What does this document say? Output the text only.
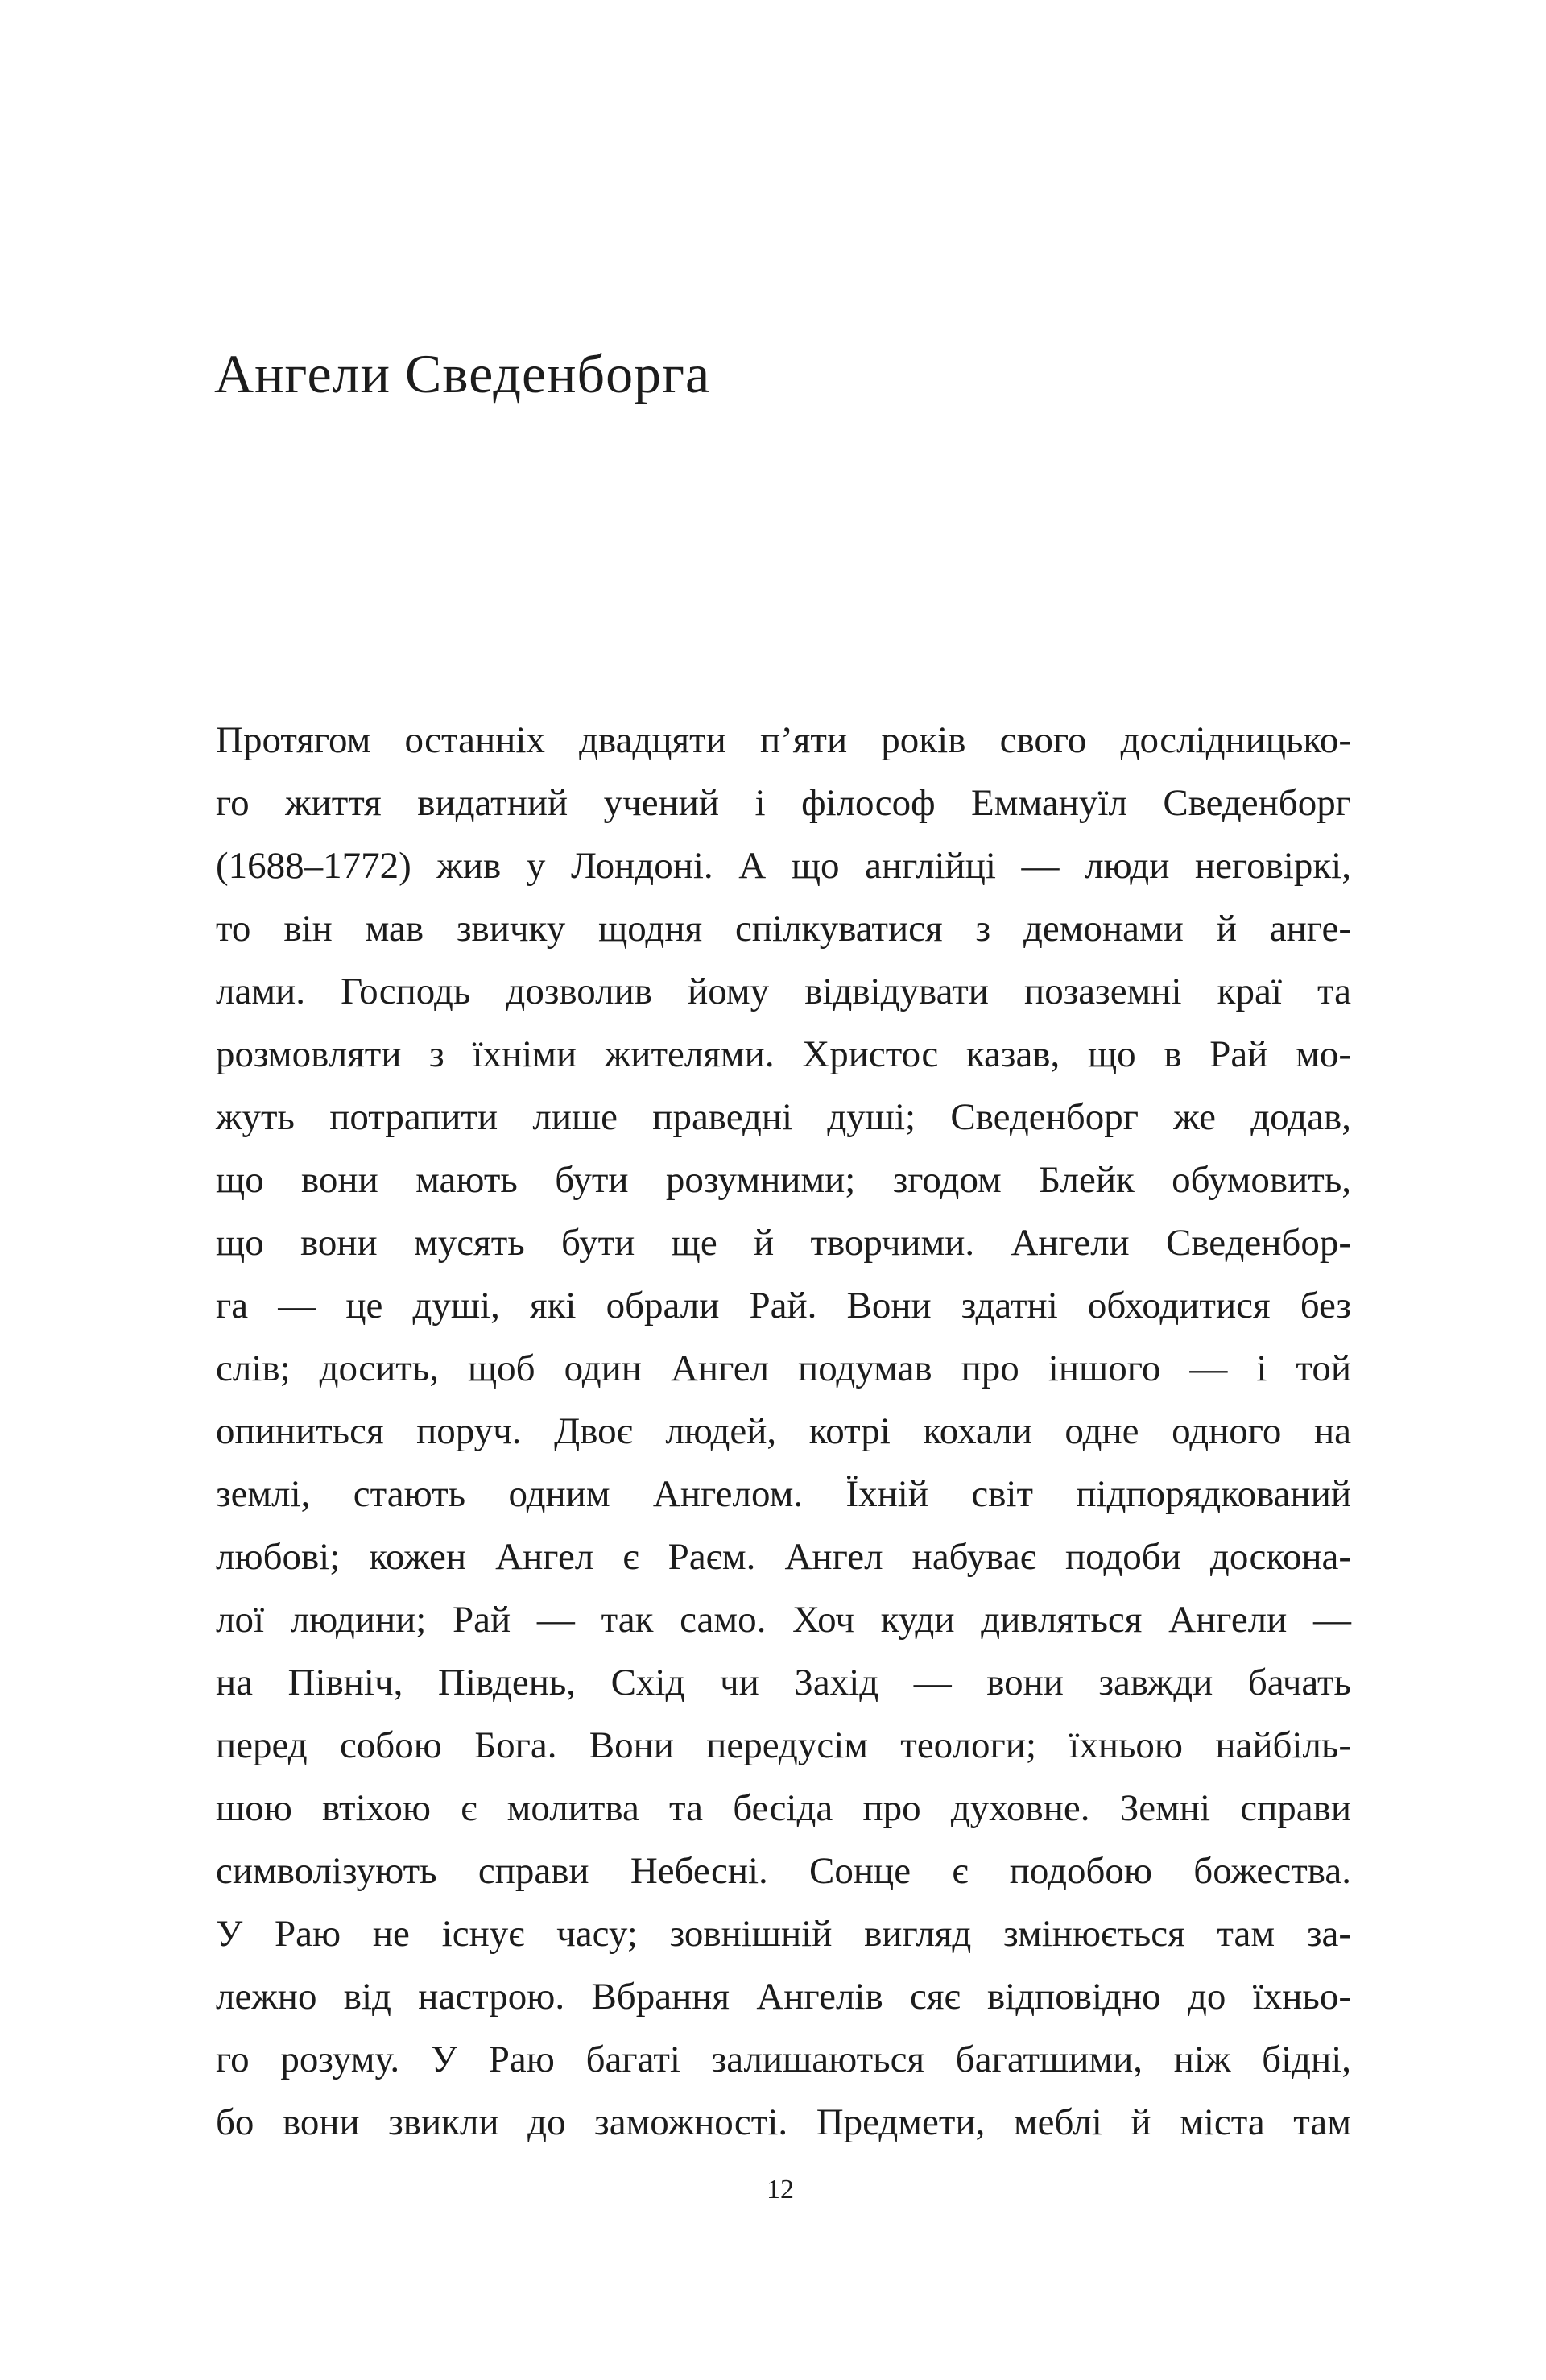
Ангели Сведенборга
Протягом останніх двадцяти п’яти років свого дослідницько-
го життя видатний учений і філософ Еммануїл Сведенборг
(1688–1772) жив у Лондоні. А що англійці — люди неговіркі,
то він мав звичку щодня спілкуватися з демонами й анге-
лами. Господь дозволив йому відвідувати позаземні краї та
розмовляти з їхніми жителями. Христос казав, що в Рай мо-
жуть потрапити лише праведні душі; Сведенборг же додав,
що вони мають бути розумними; згодом Блейк обумовить,
що вони мусять бути ще й творчими. Ангели Сведенбор-
га — це душі, які обрали Рай. Вони здатні обходитися без
слів; досить, щоб один Ангел подумав про іншого — і той
опиниться поруч. Двоє людей, котрі кохали одне одного на
землі, стають одним Ангелом. Їхній світ підпорядкований
любові; кожен Ангел є Раєм. Ангел набуває подоби доскона-
лої людини; Рай — так само. Хоч куди дивляться Ангели —
на Північ, Південь, Схід чи Захід — вони завжди бачать
перед собою Бога. Вони передусім теологи; їхньою найбіль-
шою втіхою є молитва та бесіда про духовне. Земні справи
символізують справи Небесні. Сонце є подобою божества.
У Раю не існує часу; зовнішній вигляд змінюється там за-
лежно від настрою. Вбрання Ангелів сяє відповідно до їхньо-
го розуму. У Раю багаті залишаються багатшими, ніж бідні,
бо вони звикли до заможності. Предмети, меблі й міста там
12
